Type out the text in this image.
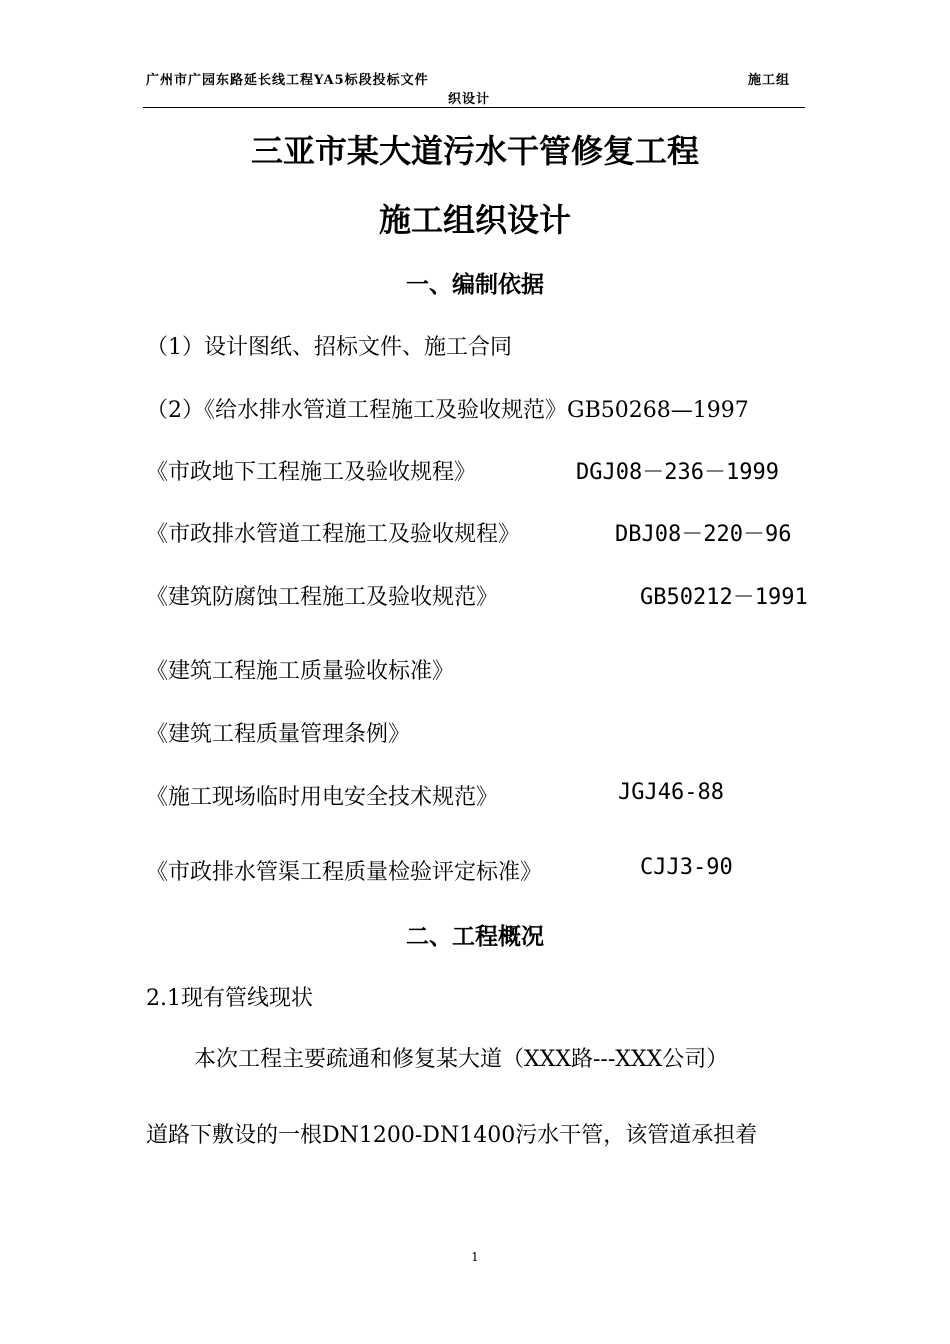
广州市广园东路延长线工程YA5标段投标文件	施工组
织设计
三亚市某大道污水干管修复工程
施工组织设计
一、编制依据
（1）设计图纸、招标文件、施工合同
（2）《给水排水管道工程施工及验收规范》GB50268—1997
《市政地下工程施工及验收规程》	DGJ08－236－1999
《市政排水管道工程施工及验收规程》	DBJ08－220－96
《建筑防腐蚀工程施工及验收规范》	GB50212－1991
《建筑工程施工质量验收标准》
《建筑工程质量管理条例》
《施工现场临时用电安全技术规范》	JGJ46-88
《市政排水管渠工程质量检验评定标准》	CJJ3-90
二、工程概况
2.1现有管线现状
本次工程主要疏通和修复某大道（XXX路---XXX公司）
道路下敷设的一根DN1200-DN1400污水干管，该管道承担着
1
